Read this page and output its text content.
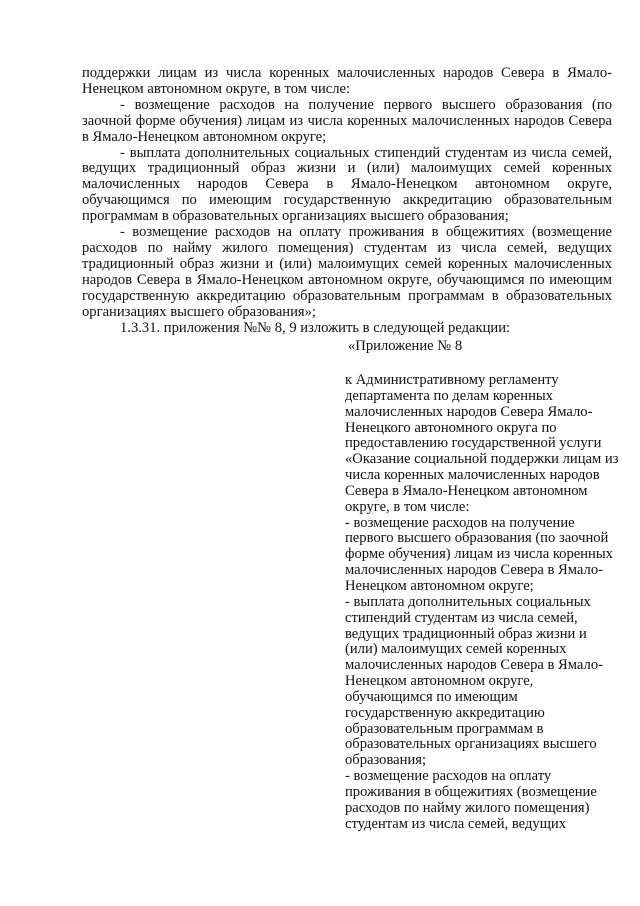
поддержки лицам из числа коренных малочисленных народов Севера в Ямало-Ненецком автономном округе, в том числе:

- возмещение расходов на получение первого высшего образования (по заочной форме обучения) лицам из числа коренных малочисленных народов Севера в Ямало-Ненецком автономном округе;

- выплата дополнительных социальных стипендий студентам из числа семей, ведущих традиционный образ жизни и (или) малоимущих семей коренных малочисленных народов Севера в Ямало-Ненецком автономном округе, обучающимся по имеющим государственную аккредитацию образовательным программам в образовательных организациях высшего образования;

- возмещение расходов на оплату проживания в общежитиях (возмещение расходов по найму жилого помещения) студентам из числа семей, ведущих традиционный образ жизни и (или) малоимущих семей коренных малочисленных народов Севера в Ямало-Ненецком автономном округе, обучающимся по имеющим государственную аккредитацию образовательным программам в образовательных организациях высшего образования»;

1.3.31. приложения №№ 8, 9 изложить в следующей редакции:

«Приложение № 8

к Административному регламенту департамента по делам коренных малочисленных народов Севера Ямало-Ненецкого автономного округа по предоставлению государственной услуги «Оказание социальной поддержки лицам из числа коренных малочисленных народов Севера в Ямало-Ненецком автономном округе, в том числе:

- возмещение расходов на получение первого высшего образования (по заочной форме обучения) лицам из числа коренных малочисленных народов Севера в Ямало-Ненецком автономном округе;

- выплата дополнительных социальных стипендий студентам из числа семей, ведущих традиционный образ жизни и (или) малоимущих семей коренных малочисленных народов Севера в Ямало-Ненецком автономном округе, обучающимся по имеющим государственную аккредитацию образовательным программам в образовательных организациях высшего образования;

- возмещение расходов на оплату проживания в общежитиях (возмещение расходов по найму жилого помещения) студентам из числа семей, ведущих
